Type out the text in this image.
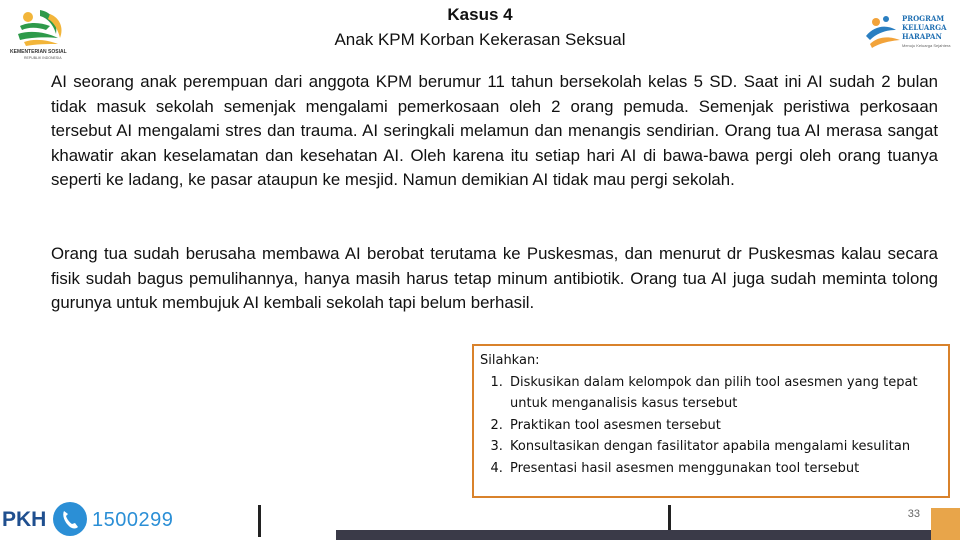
KEMENTERIAN SOSIAL
REPUBLIK INDONESIA
PROGRAM
KELUARGA
HARAPAN
Menuju Keluarga Sejahtera
Kasus 4
Anak KPM Korban Kekerasan Seksual
AI seorang anak perempuan dari anggota KPM berumur 11 tahun bersekolah kelas 5 SD. Saat ini AI sudah 2 bulan tidak masuk sekolah semenjak mengalami pemerkosaan oleh 2 orang pemuda. Semenjak peristiwa perkosaan tersebut AI mengalami stres dan trauma. AI seringkali melamun dan menangis sendirian. Orang tua AI merasa sangat khawatir akan keselamatan dan kesehatan AI. Oleh karena itu setiap hari AI di bawa-bawa pergi oleh orang tuanya seperti ke ladang, ke pasar ataupun ke mesjid. Namun demikian AI tidak mau pergi sekolah.
Orang tua sudah berusaha membawa AI berobat terutama ke Puskesmas, dan menurut dr Puskesmas kalau secara fisik sudah bagus pemulihannya, hanya masih harus tetap minum antibiotik. Orang tua AI juga sudah meminta tolong gurunya untuk membujuk AI kembali sekolah tapi belum berhasil.
Silahkan:
1. Diskusikan dalam kelompok dan pilih tool asesmen yang tepat untuk menganalisis kasus tersebut
2. Praktikan tool asesmen tersebut
3. Konsultasikan dengan fasilitator apabila mengalami kesulitan
4. Presentasi hasil asesmen menggunakan tool tersebut
PKH 1500299	33
